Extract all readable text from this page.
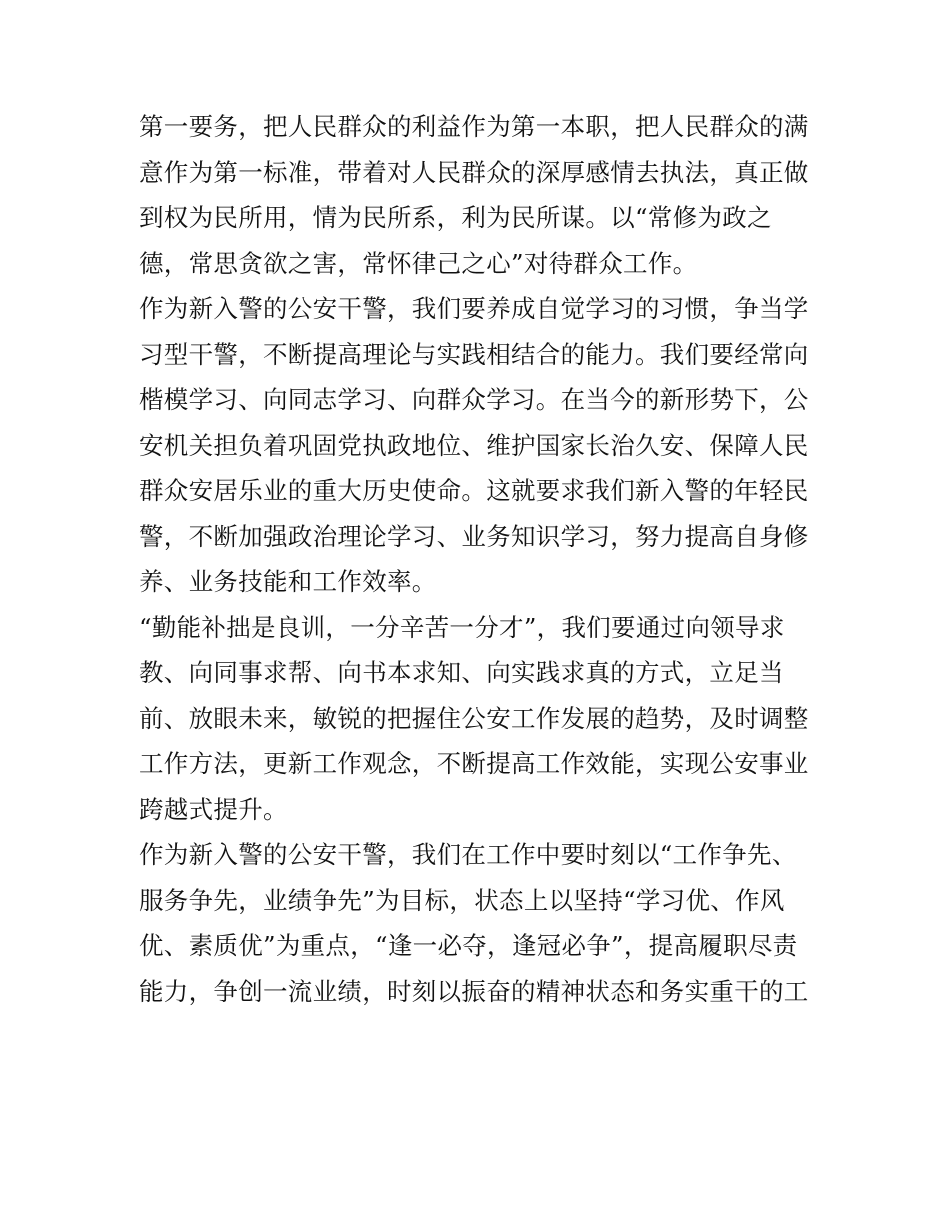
第一要务，把人民群众的利益作为第一本职，把人民群众的满
意作为第一标准，带着对人民群众的深厚感情去执法，真正做
到权为民所用，情为民所系，利为民所谋。以“常修为政之
德，常思贪欲之害，常怀律己之心”对待群众工作。
作为新入警的公安干警，我们要养成自觉学习的习惯，争当学
习型干警，不断提高理论与实践相结合的能力。我们要经常向
楷模学习、向同志学习、向群众学习。在当今的新形势下，公
安机关担负着巩固党执政地位、维护国家长治久安、保障人民
群众安居乐业的重大历史使命。这就要求我们新入警的年轻民
警，不断加强政治理论学习、业务知识学习，努力提高自身修
养、业务技能和工作效率。
“勤能补拙是良训，一分辛苦一分才”，我们要通过向领导求
教、向同事求帮、向书本求知、向实践求真的方式，立足当
前、放眼未来，敏锐的把握住公安工作发展的趋势，及时调整
工作方法，更新工作观念，不断提高工作效能，实现公安事业
跨越式提升。
作为新入警的公安干警，我们在工作中要时刻以“工作争先、
服务争先，业绩争先”为目标，状态上以坚持“学习优、作风
优、素质优”为重点，“逢一必夺，逢冠必争”，提高履职尽责
能力，争创一流业绩，时刻以振奋的精神状态和务实重干的工
